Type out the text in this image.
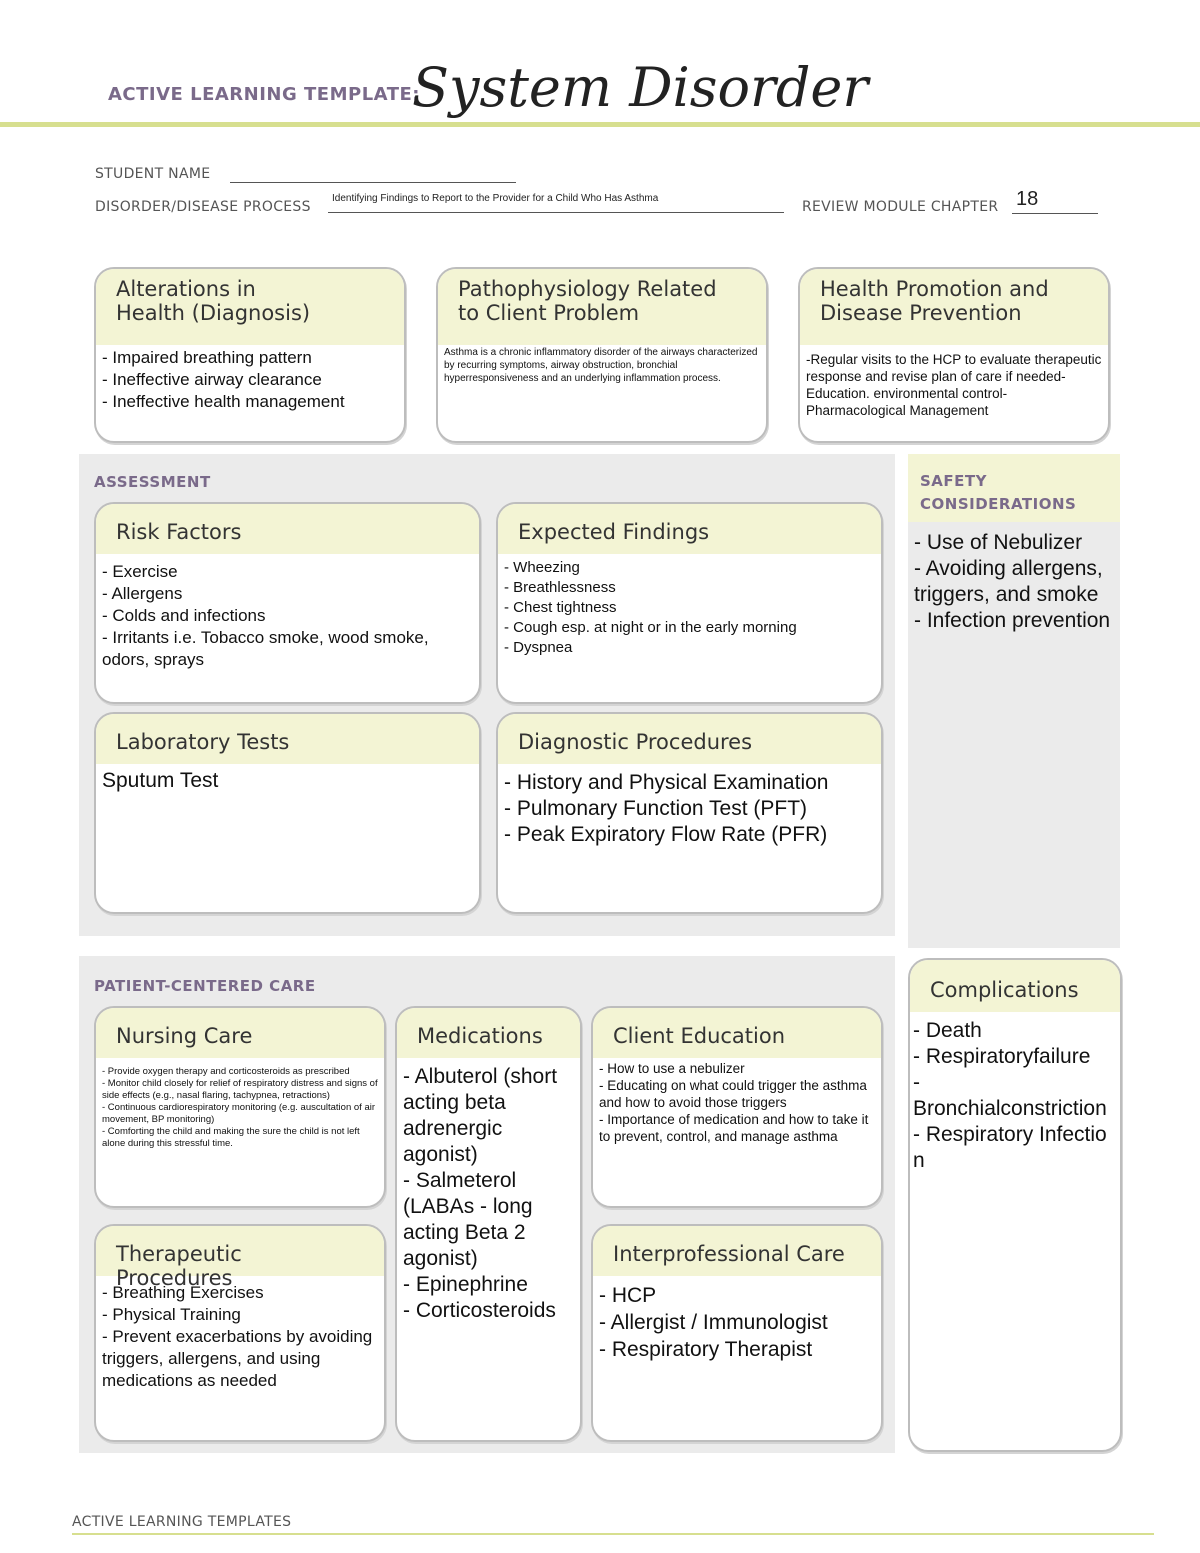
ACTIVE LEARNING TEMPLATE:
System Disorder
STUDENT NAME
DISORDER/DISEASE PROCESS
Identifying Findings to Report to the Provider for a Child Who Has Asthma
REVIEW MODULE CHAPTER 18
Alterations in
Health (Diagnosis)
- Impaired breathing pattern
- Ineffective airway clearance
- Ineffective health management
Pathophysiology Related
to Client Problem
Asthma is a chronic inflammatory disorder of the airways characterized by recurring symptoms, airway obstruction, bronchial hyperresponsiveness and an underlying inflammation process.
Health Promotion and
Disease Prevention
-Regular visits to the HCP to evaluate therapeutic response and revise plan of care if needed-Education. environmental control-Pharmacological Management
ASSESSMENT
Risk Factors
- Exercise
- Allergens
- Colds and infections
- Irritants i.e. Tobacco smoke, wood smoke, odors, sprays
Expected Findings
- Wheezing
- Breathlessness
- Chest tightness
- Cough esp. at night or in the early morning
- Dyspnea
Laboratory Tests
Sputum Test
Diagnostic Procedures
- History and Physical Examination
- Pulmonary Function Test (PFT)
- Peak Expiratory Flow Rate (PFR)
SAFETY
CONSIDERATIONS
- Use of Nebulizer
- Avoiding allergens, triggers, and smoke
- Infection prevention
PATIENT-CENTERED CARE
Nursing Care
- Provide oxygen therapy and corticosteroids as prescribed
- Monitor child closely for relief of respiratory distress and signs of side effects (e.g., nasal flaring, tachypnea, retractions)
- Continuous cardiorespiratory monitoring (e.g. auscultation of air movement, BP monitoring)
- Comforting the child and making the sure the child is not left alone during this stressful time.
Medications
- Albuterol (short acting beta adrenergic agonist)
- Salmeterol (LABAs - long acting Beta 2 agonist)
- Epinephrine
- Corticosteroids
Client Education
- How to use a nebulizer
- Educating on what could trigger the asthma and how to avoid those triggers
- Importance of medication and how to take it to prevent, control, and manage asthma
Therapeutic Procedures
- Breathing Exercises
- Physical Training
- Prevent exacerbations by avoiding triggers, allergens, and using medications as needed
Interprofessional Care
- HCP
- Allergist / Immunologist
- Respiratory Therapist
Complications
- Death
- Respiratoryfailure
-
Bronchialconstriction
- Respiratory Infection
ACTIVE LEARNING TEMPLATES
